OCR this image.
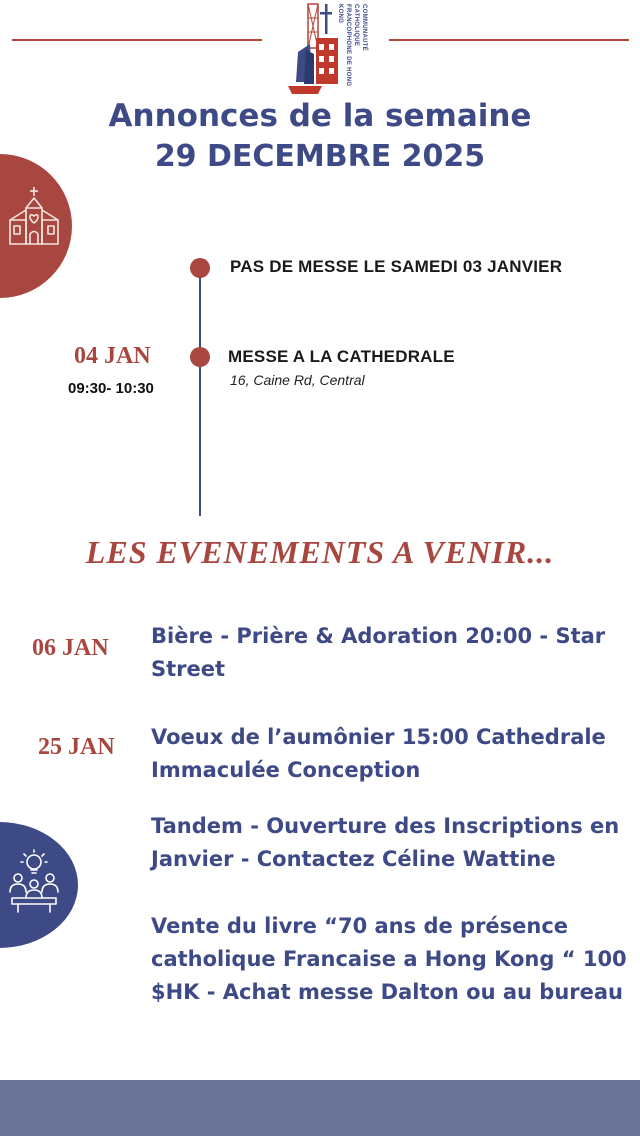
COMMUNAUTÉ CATHOLIQUE FRANCOPHONE DE HONG KONG
Annonces de la semaine
29 DECEMBRE 2025
PAS DE MESSE LE SAMEDI 03 JANVIER
04 JAN
09:30- 10:30
MESSE A LA CATHEDRALE
16, Caine Rd, Central
LES EVENEMENTS A VENIR...
06 JAN Bière - Prière & Adoration 20:00 - Star Street
25 JAN Voeux de l’aumônier 15:00 Cathedrale Immaculée Conception
Tandem - Ouverture des Inscriptions en Janvier - Contactez Céline Wattine
Vente du livre “70 ans de présence catholique Francaise a Hong Kong “ 100 $HK - Achat messe Dalton ou au bureau
